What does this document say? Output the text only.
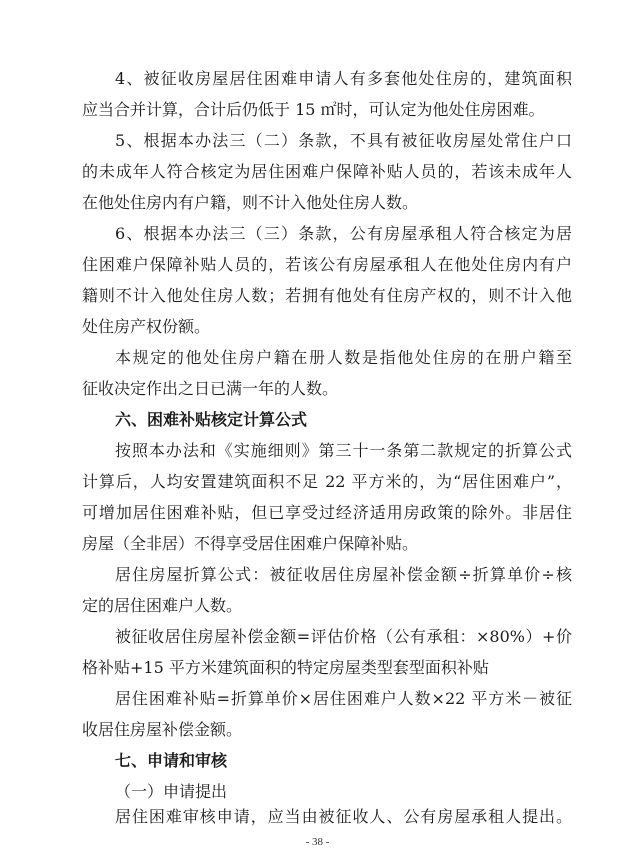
4、被征收房屋居住困难申请人有多套他处住房的，建筑面积
应当合并计算，合计后仍低于 15 ㎡时，可认定为他处住房困难。
5、根据本办法三（二）条款，不具有被征收房屋处常住户口
的未成年人符合核定为居住困难户保障补贴人员的，若该未成年人
在他处住房内有户籍，则不计入他处住房人数。
6、根据本办法三（三）条款，公有房屋承租人符合核定为居
住困难户保障补贴人员的，若该公有房屋承租人在他处住房内有户
籍则不计入他处住房人数；若拥有他处有住房产权的，则不计入他
处住房产权份额。
本规定的他处住房户籍在册人数是指他处住房的在册户籍至
征收决定作出之日已满一年的人数。
六、困难补贴核定计算公式
按照本办法和《实施细则》第三十一条第二款规定的折算公式
计算后，人均安置建筑面积不足 22 平方米的，为“居住困难户”，
可增加居住困难补贴，但已享受过经济适用房政策的除外。非居住
房屋（全非居）不得享受居住困难户保障补贴。
居住房屋折算公式：被征收居住房屋补偿金额÷折算单价÷核
定的居住困难户人数。
被征收居住房屋补偿金额=评估价格（公有承租：×80%）+价
格补贴+15 平方米建筑面积的特定房屋类型套型面积补贴
居住困难补贴=折算单价×居住困难户人数×22 平方米－被征
收居住房屋补偿金额。
七、申请和审核
（一）申请提出
居住困难审核申请，应当由被征收人、公有房屋承租人提出。
- 38 -
